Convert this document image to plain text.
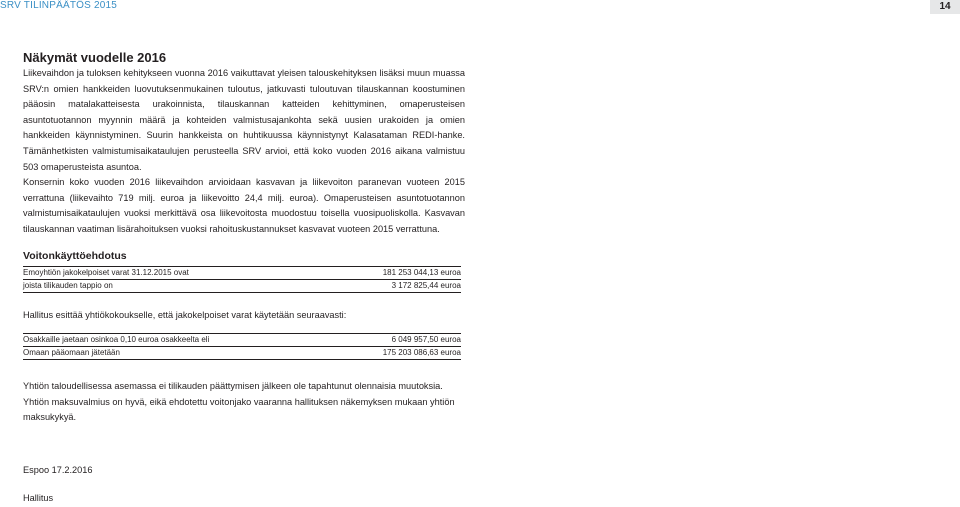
SRV TILINPÄÄTÖS 2015	14
Näkymät vuodelle 2016

Liikevaihdon ja tuloksen kehitykseen vuonna 2016 vaikuttavat yleisen talouskehityksen lisäksi muun muassa SRV:n omien hankkeiden luovutuksenmukainen tuloutus, jatkuvasti tuloutuvan tilauskannan koostuminen pääosin matalakatteisesta urakoinnista, tilauskannan katteiden kehittyminen, omaperusteisen asuntotuotannon myynnin määrä ja kohteiden valmistusajankohta sekä uusien urakoiden ja omien hankkeiden käynnistyminen. Suurin hankkeista on huhtikuussa käynnistynyt Kalasataman REDI-hanke. Tämänhetkisten valmistumisaikataulujen perusteella SRV arvioi, että koko vuoden 2016 aikana valmistuu 503 omaperusteista asuntoa.

Konsernin koko vuoden 2016 liikevaihdon arvioidaan kasvavan ja liikevoiton paranevan vuoteen 2015 verrattuna (liikevaihto 719 milj. euroa ja liikevoitto 24,4 milj. euroa). Omaperusteisen asuntotuotannon valmistumisaikataulujen vuoksi merkittävä osa liikevoitosta muodostuu toisella vuosipuoliskolla. Kasvavan tilauskannan vaatiman lisärahoituksen vuoksi rahoituskustannukset kasvavat vuoteen 2015 verrattuna.

Voitonkäyttöehdotus
Emoyhtiön jakokelpoiset varat 31.12.2015 ovat	181 253 044,13 euroa
joista tilikauden tappio on	3 172 825,44 euroa

Hallitus esittää yhtiökokoukselle, että jakokelpoiset varat käytetään seuraavasti:

Osakkaille jaetaan osinkoa 0,10 euroa osakkeelta eli	6 049 957,50 euroa
Omaan pääomaan jätetään	175 203 086,63 euroa

Yhtiön taloudellisessa asemassa ei tilikauden päättymisen jälkeen ole tapahtunut olennaisia muutoksia. Yhtiön maksuvalmius on hyvä, eikä ehdotettu voitonjako vaaranna hallituksen näkemyksen mukaan yhtiön maksukykyä.

Espoo 17.2.2016

Hallitus
